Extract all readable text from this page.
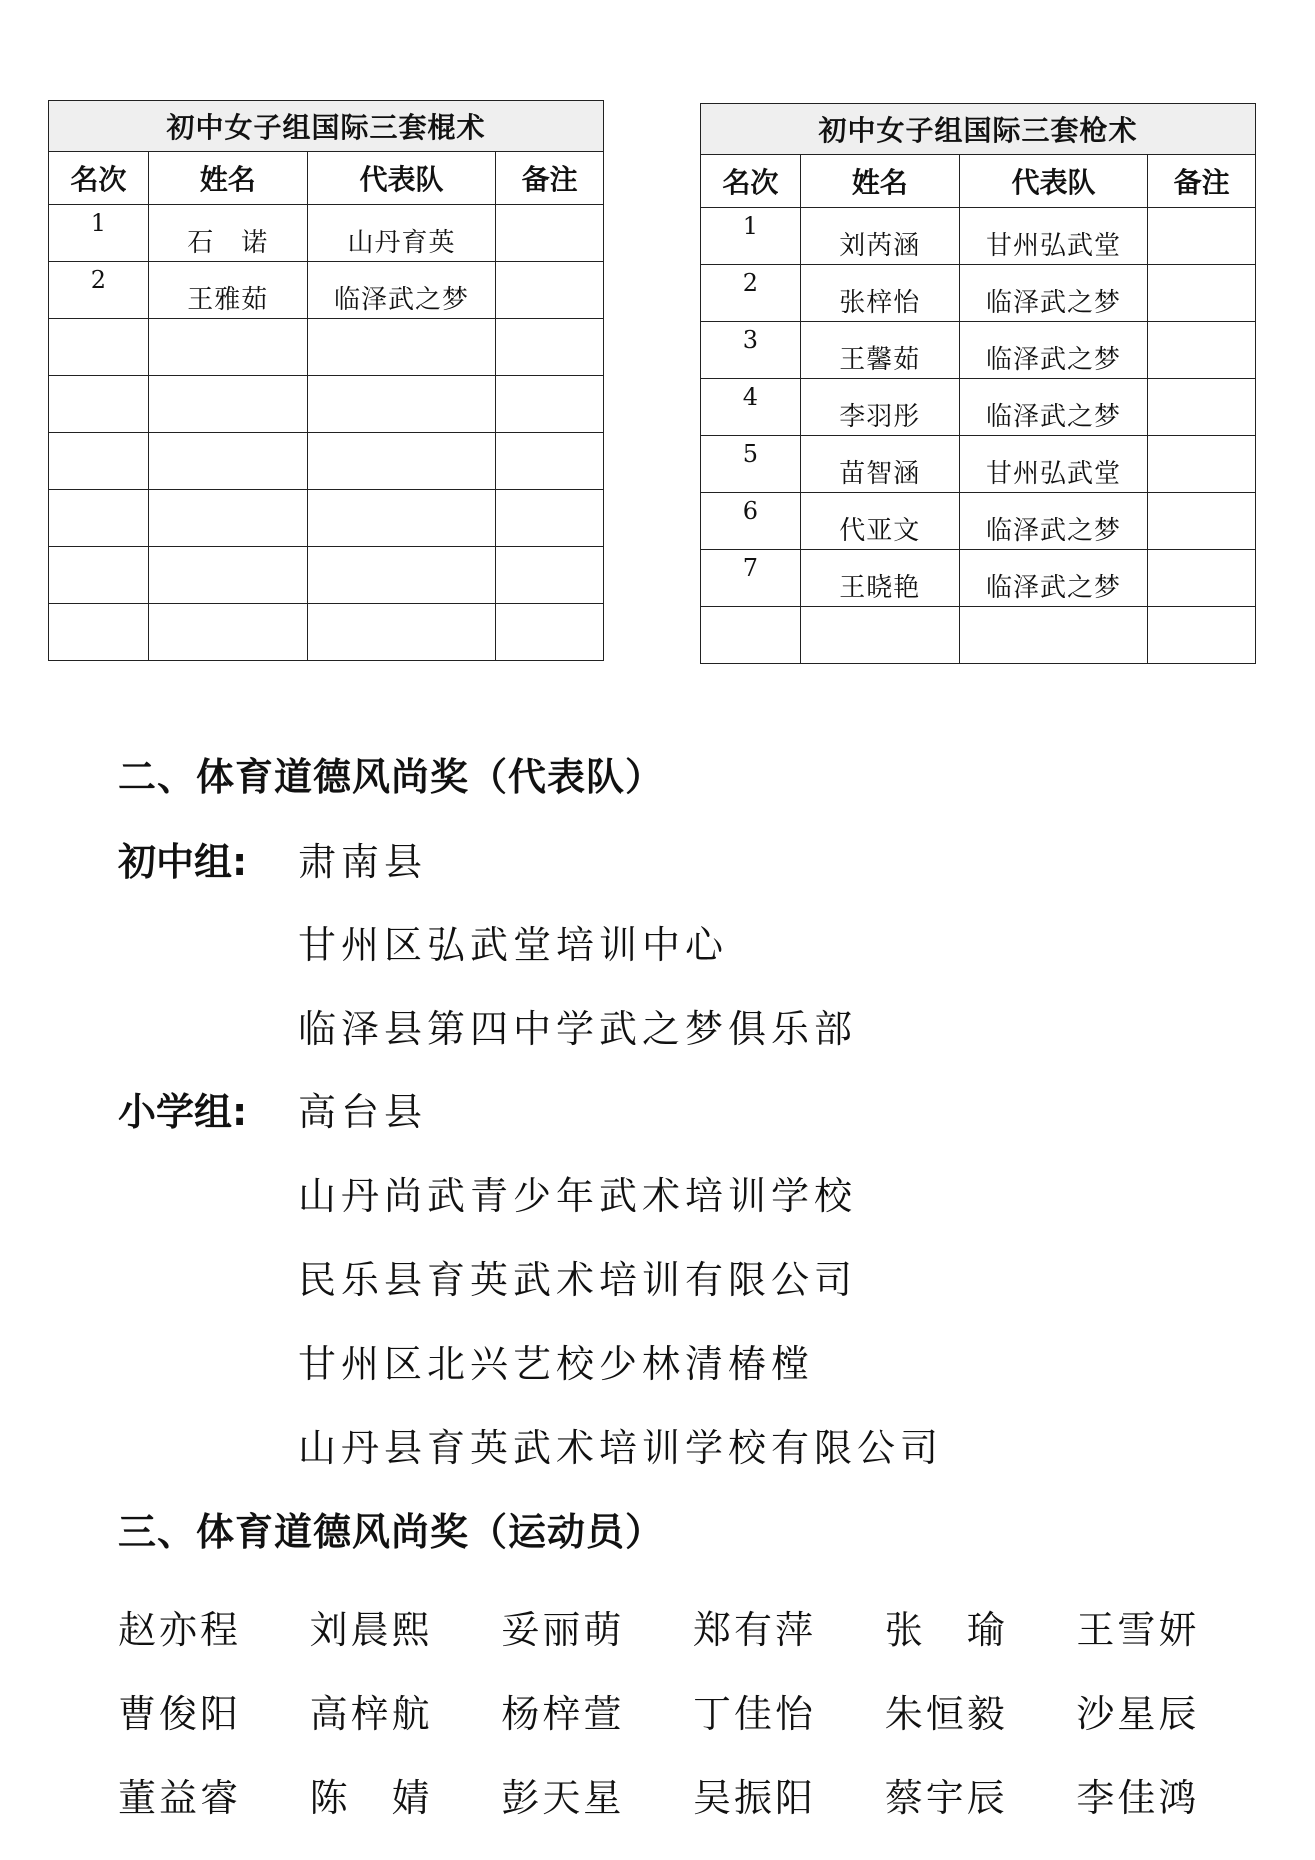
初中女子组国际三套棍术			
名次	姓名	代表队	备注
1	石　诺	山丹育英	
2	王雅茹	临泽武之梦	

初中女子组国际三套枪术			
名次	姓名	代表队	备注
1	刘芮涵	甘州弘武堂	
2	张梓怡	临泽武之梦	
3	王馨茹	临泽武之梦	
4	李羽彤	临泽武之梦	
5	苗智涵	甘州弘武堂	
6	代亚文	临泽武之梦	
7	王晓艳	临泽武之梦	

二、体育道德风尚奖（代表队）
初中组: 肃南县
甘州区弘武堂培训中心
临泽县第四中学武之梦俱乐部
小学组: 高台县
山丹尚武青少年武术培训学校
民乐县育英武术培训有限公司
甘州区北兴艺校少林清椿樘
山丹县育英武术培训学校有限公司
三、体育道德风尚奖（运动员）
赵亦程	刘晨熙	妥丽萌	郑有萍	张　瑜	王雪妍
曹俊阳	高梓航	杨梓萱	丁佳怡	朱恒毅	沙星辰
董益睿	陈　婧	彭天星	吴振阳	蔡宇辰	李佳鸿
